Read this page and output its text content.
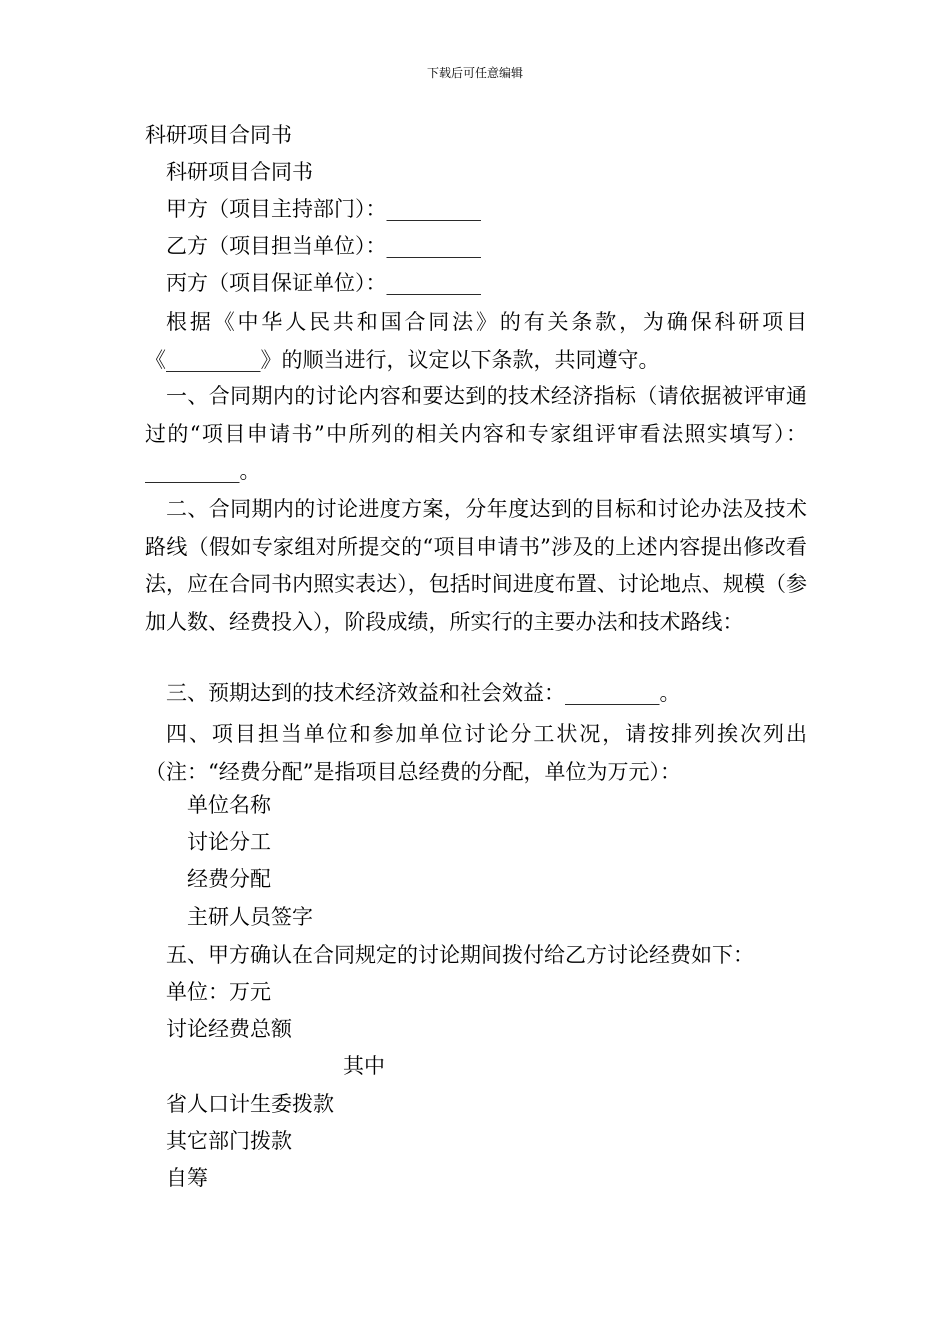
下载后可任意编辑
科研项目合同书
科研项目合同书
甲方（项目主持部门）：_________
乙方（项目担当单位）：_________
丙方（项目保证单位）：_________
根据《中华人民共和国合同法》的有关条款，为确保科研项目《_________》的顺当进行，议定以下条款，共同遵守。
一、合同期内的讨论内容和要达到的技术经济指标（请依据被评审通过的“项目申请书”中所列的相关内容和专家组评审看法照实填写）：_________。
二、合同期内的讨论进度方案，分年度达到的目标和讨论办法及技术路线（假如专家组对所提交的“项目申请书”涉及的上述内容提出修改看法，应在合同书内照实表达），包括时间进度布置、讨论地点、规模（参加人数、经费投入），阶段成绩，所实行的主要办法和技术路线：
三、预期达到的技术经济效益和社会效益：_________。
四、项目担当单位和参加单位讨论分工状况，请按排列挨次列出（注：“经费分配”是指项目总经费的分配，单位为万元）：
单位名称
讨论分工
经费分配
主研人员签字
五、甲方确认在合同规定的讨论期间拨付给乙方讨论经费如下：
单位：万元
讨论经费总额
其中
省人口计生委拨款
其它部门拨款
自筹
